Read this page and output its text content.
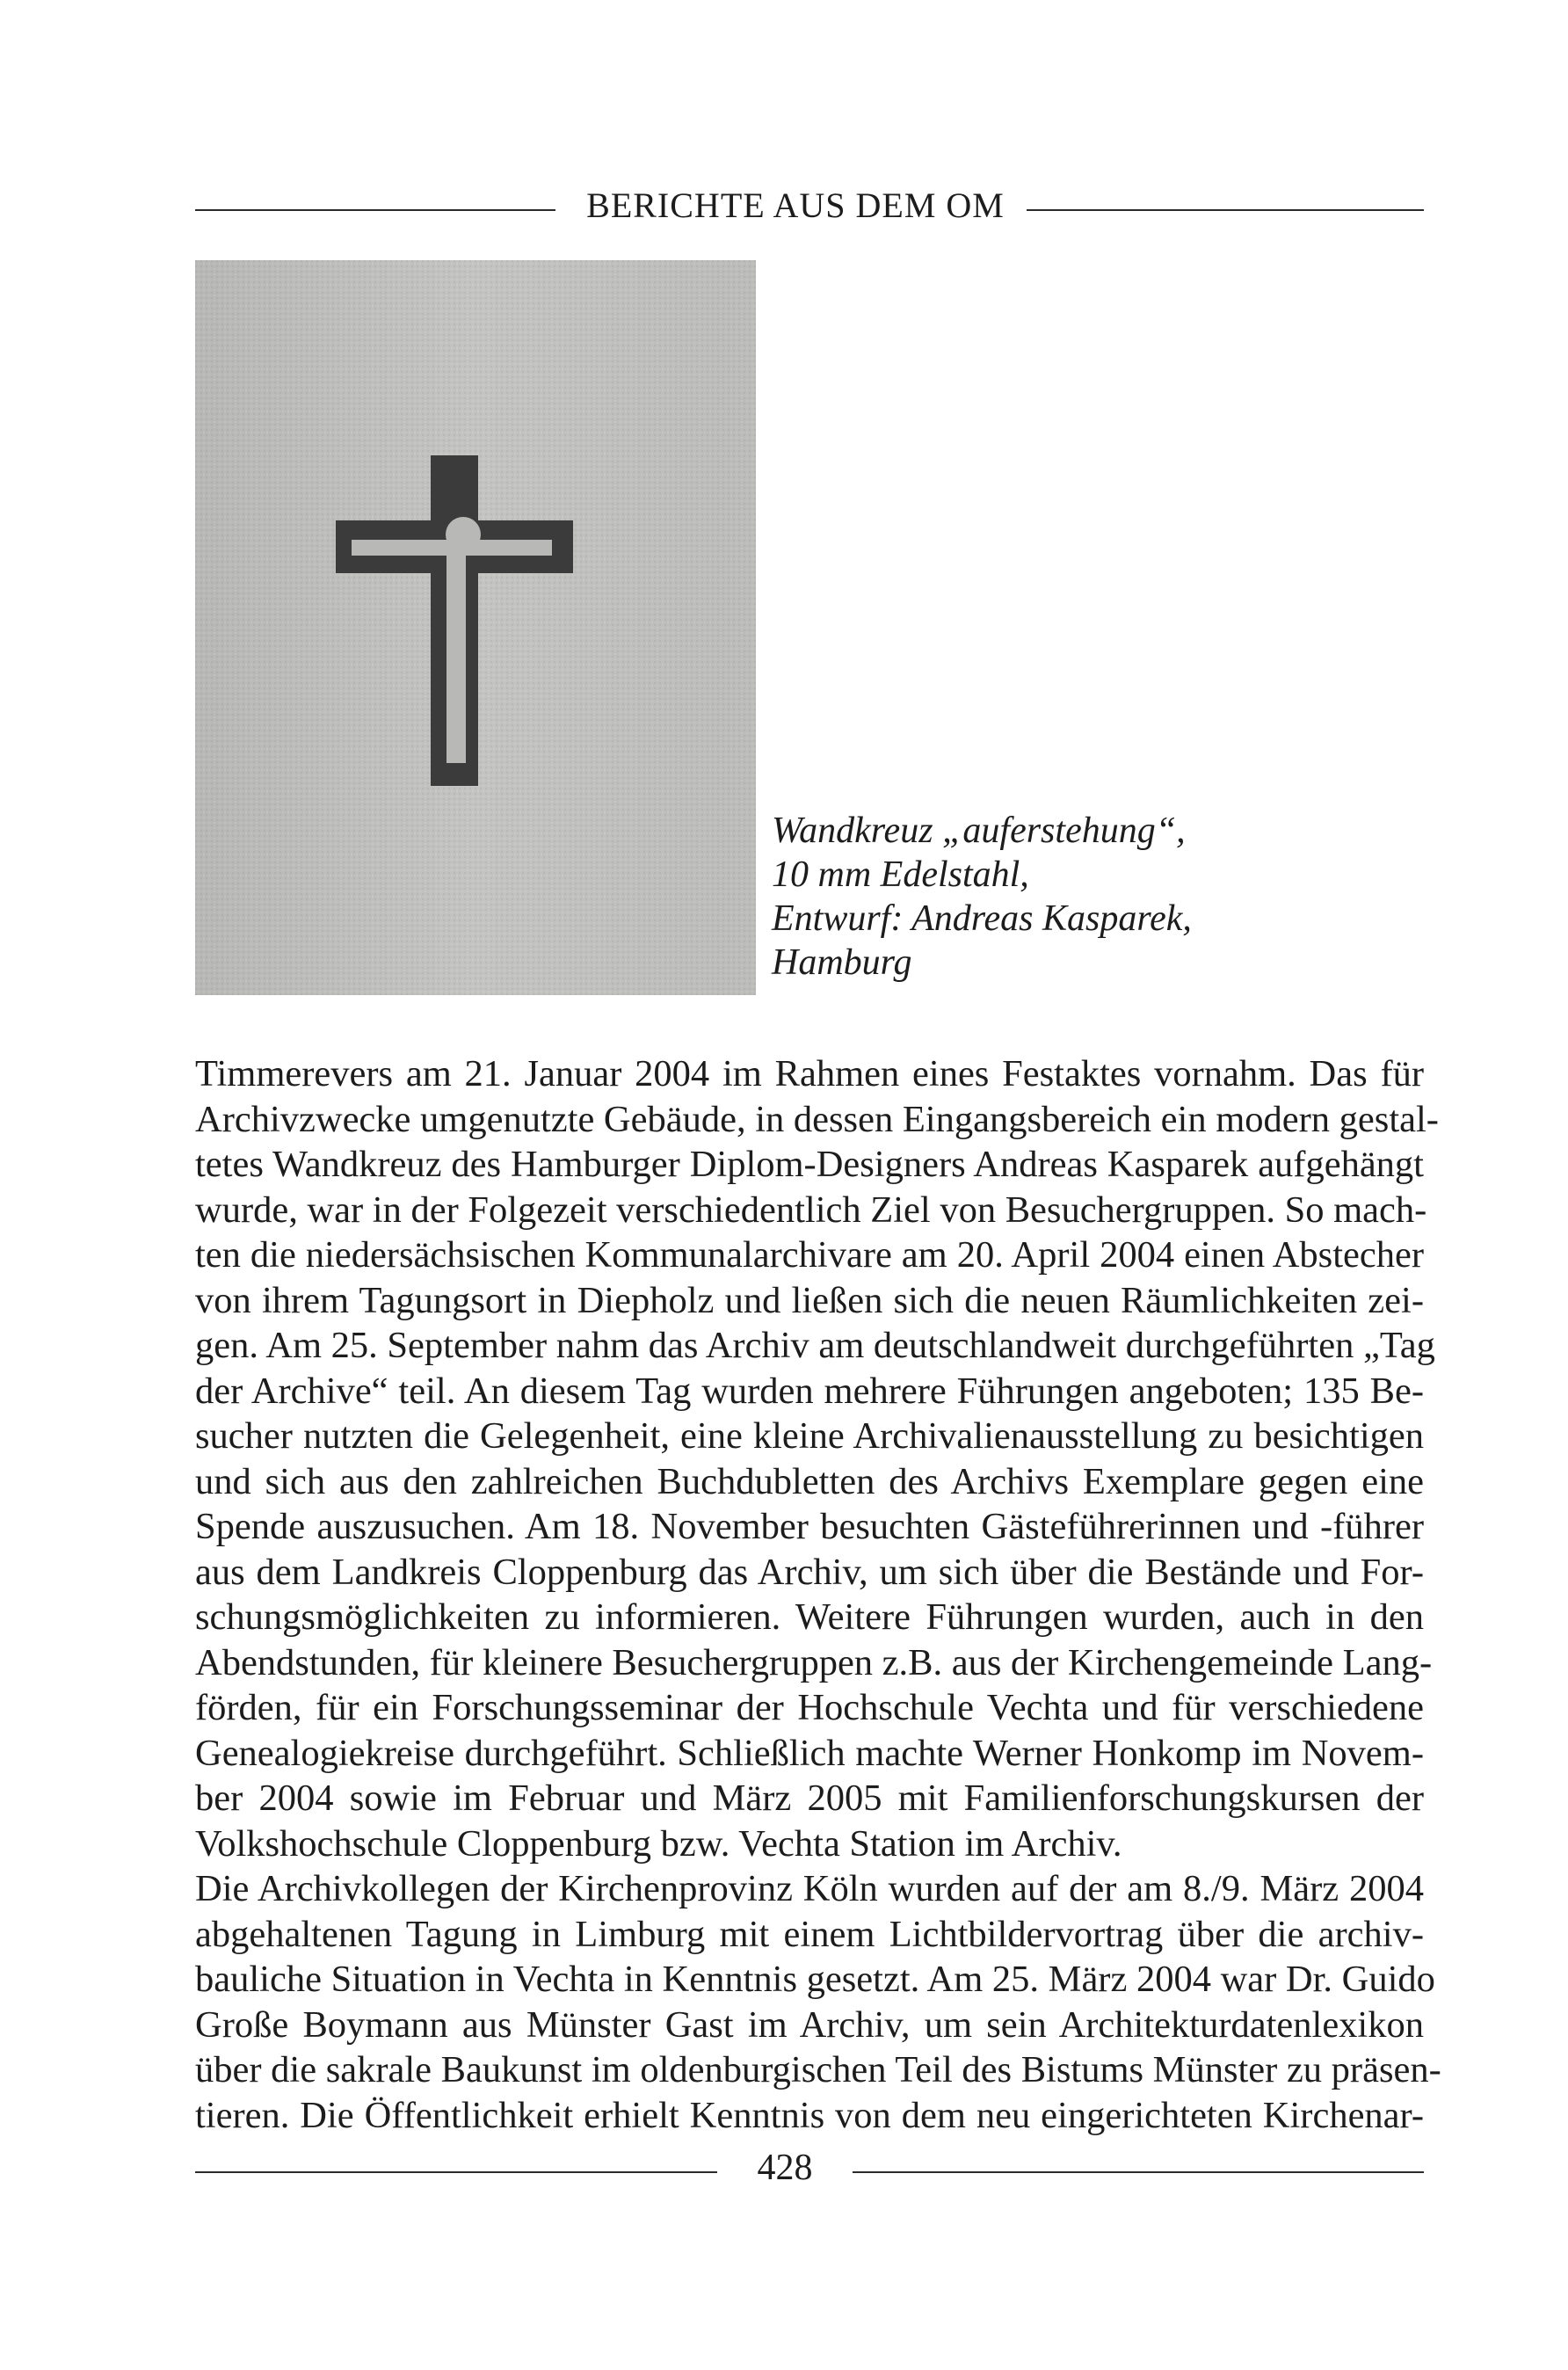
BERICHTE AUS DEM OM
Wandkreuz „auferstehung“,
10 mm Edelstahl,
Entwurf: Andreas Kasparek,
Hamburg
Timmerevers am 21. Januar 2004 im Rahmen eines Festaktes vornahm. Das für
Archivzwecke umgenutzte Gebäude, in dessen Eingangsbereich ein modern gestal-
tetes Wandkreuz des Hamburger Diplom-Designers Andreas Kasparek aufgehängt
wurde, war in der Folgezeit verschiedentlich Ziel von Besuchergruppen. So mach-
ten die niedersächsischen Kommunalarchivare am 20. April 2004 einen Abstecher
von ihrem Tagungsort in Diepholz und ließen sich die neuen Räumlichkeiten zei-
gen. Am 25. September nahm das Archiv am deutschlandweit durchgeführten „Tag
der Archive“ teil. An diesem Tag wurden mehrere Führungen angeboten; 135 Be-
sucher nutzten die Gelegenheit, eine kleine Archivalienausstellung zu besichtigen
und sich aus den zahlreichen Buchdubletten des Archivs Exemplare gegen eine
Spende auszusuchen. Am 18. November besuchten Gästeführerinnen und -führer
aus dem Landkreis Cloppenburg das Archiv, um sich über die Bestände und For-
schungsmöglichkeiten zu informieren. Weitere Führungen wurden, auch in den
Abendstunden, für kleinere Besuchergruppen z.B. aus der Kirchengemeinde Lang-
förden, für ein Forschungsseminar der Hochschule Vechta und für verschiedene
Genealogiekreise durchgeführt. Schließlich machte Werner Honkomp im Novem-
ber 2004 sowie im Februar und März 2005 mit Familienforschungskursen der
Volkshochschule Cloppenburg bzw. Vechta Station im Archiv.
Die Archivkollegen der Kirchenprovinz Köln wurden auf der am 8./9. März 2004
abgehaltenen Tagung in Limburg mit einem Lichtbildervortrag über die archiv-
bauliche Situation in Vechta in Kenntnis gesetzt. Am 25. März 2004 war Dr. Guido
Große Boymann aus Münster Gast im Archiv, um sein Architekturdatenlexikon
über die sakrale Baukunst im oldenburgischen Teil des Bistums Münster zu präsen-
tieren. Die Öffentlichkeit erhielt Kenntnis von dem neu eingerichteten Kirchenar-
428
